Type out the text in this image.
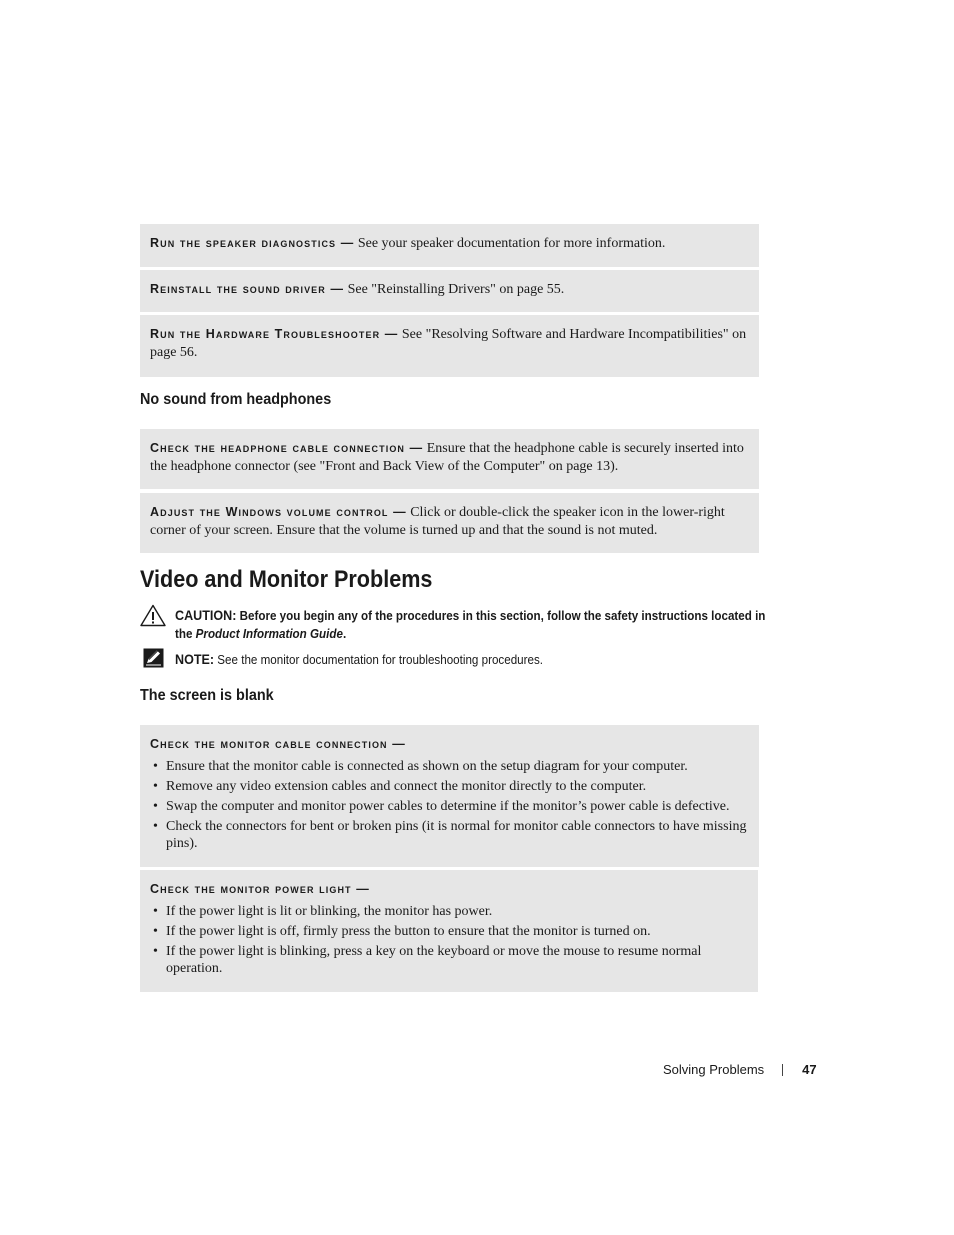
Run the speaker diagnostics — See your speaker documentation for more information.
Reinstall the sound driver — See "Reinstalling Drivers" on page 55.
Run the Hardware Troubleshooter — See "Resolving Software and Hardware Incompatibilities" on page 56.
No sound from headphones
Check the headphone cable connection — Ensure that the headphone cable is securely inserted into the headphone connector (see "Front and Back View of the Computer" on page 13).
Adjust the Windows volume control — Click or double-click the speaker icon in the lower-right corner of your screen. Ensure that the volume is turned up and that the sound is not muted.
Video and Monitor Problems
CAUTION: Before you begin any of the procedures in this section, follow the safety instructions located in the Product Information Guide.
NOTE: See the monitor documentation for troubleshooting procedures.
The screen is blank
Check the monitor cable connection —
• Ensure that the monitor cable is connected as shown on the setup diagram for your computer.
• Remove any video extension cables and connect the monitor directly to the computer.
• Swap the computer and monitor power cables to determine if the monitor’s power cable is defective.
• Check the connectors for bent or broken pins (it is normal for monitor cable connectors to have missing pins).
Check the monitor power light —
• If the power light is lit or blinking, the monitor has power.
• If the power light is off, firmly press the button to ensure that the monitor is turned on.
• If the power light is blinking, press a key on the keyboard or move the mouse to resume normal operation.
Solving Problems	47
